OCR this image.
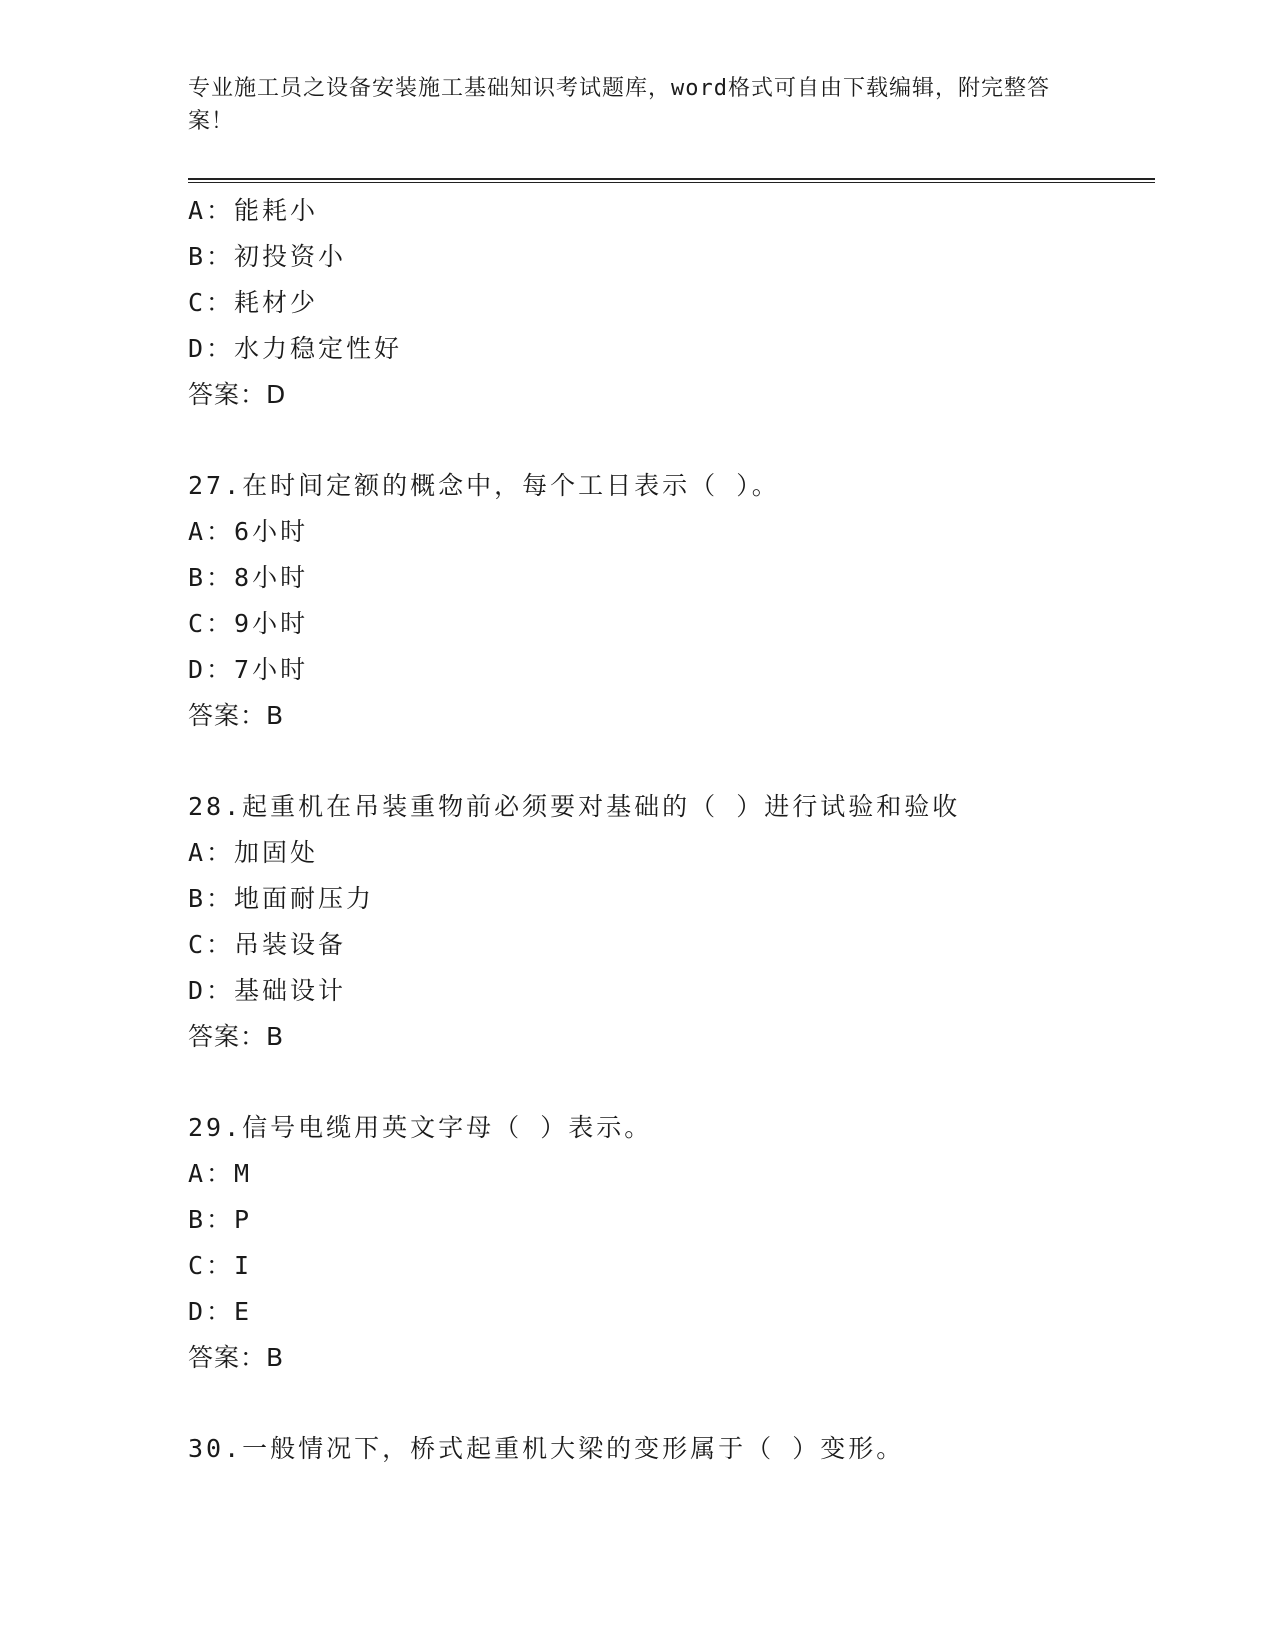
专业施工员之设备安装施工基础知识考试题库，word格式可自由下载编辑，附完整答案！
A：能耗小
B：初投资小
C：耗材少
D：水力稳定性好
答案：D
27.在时间定额的概念中，每个工日表示（ ）。
A：6小时
B：8小时
C：9小时
D：7小时
答案：B
28.起重机在吊装重物前必须要对基础的（ ）进行试验和验收
A：加固处
B：地面耐压力
C：吊装设备
D：基础设计
答案：B
29.信号电缆用英文字母（ ）表示。
A：M
B：P
C：I
D：E
答案：B
30.一般情况下，桥式起重机大梁的变形属于（ ）变形。
